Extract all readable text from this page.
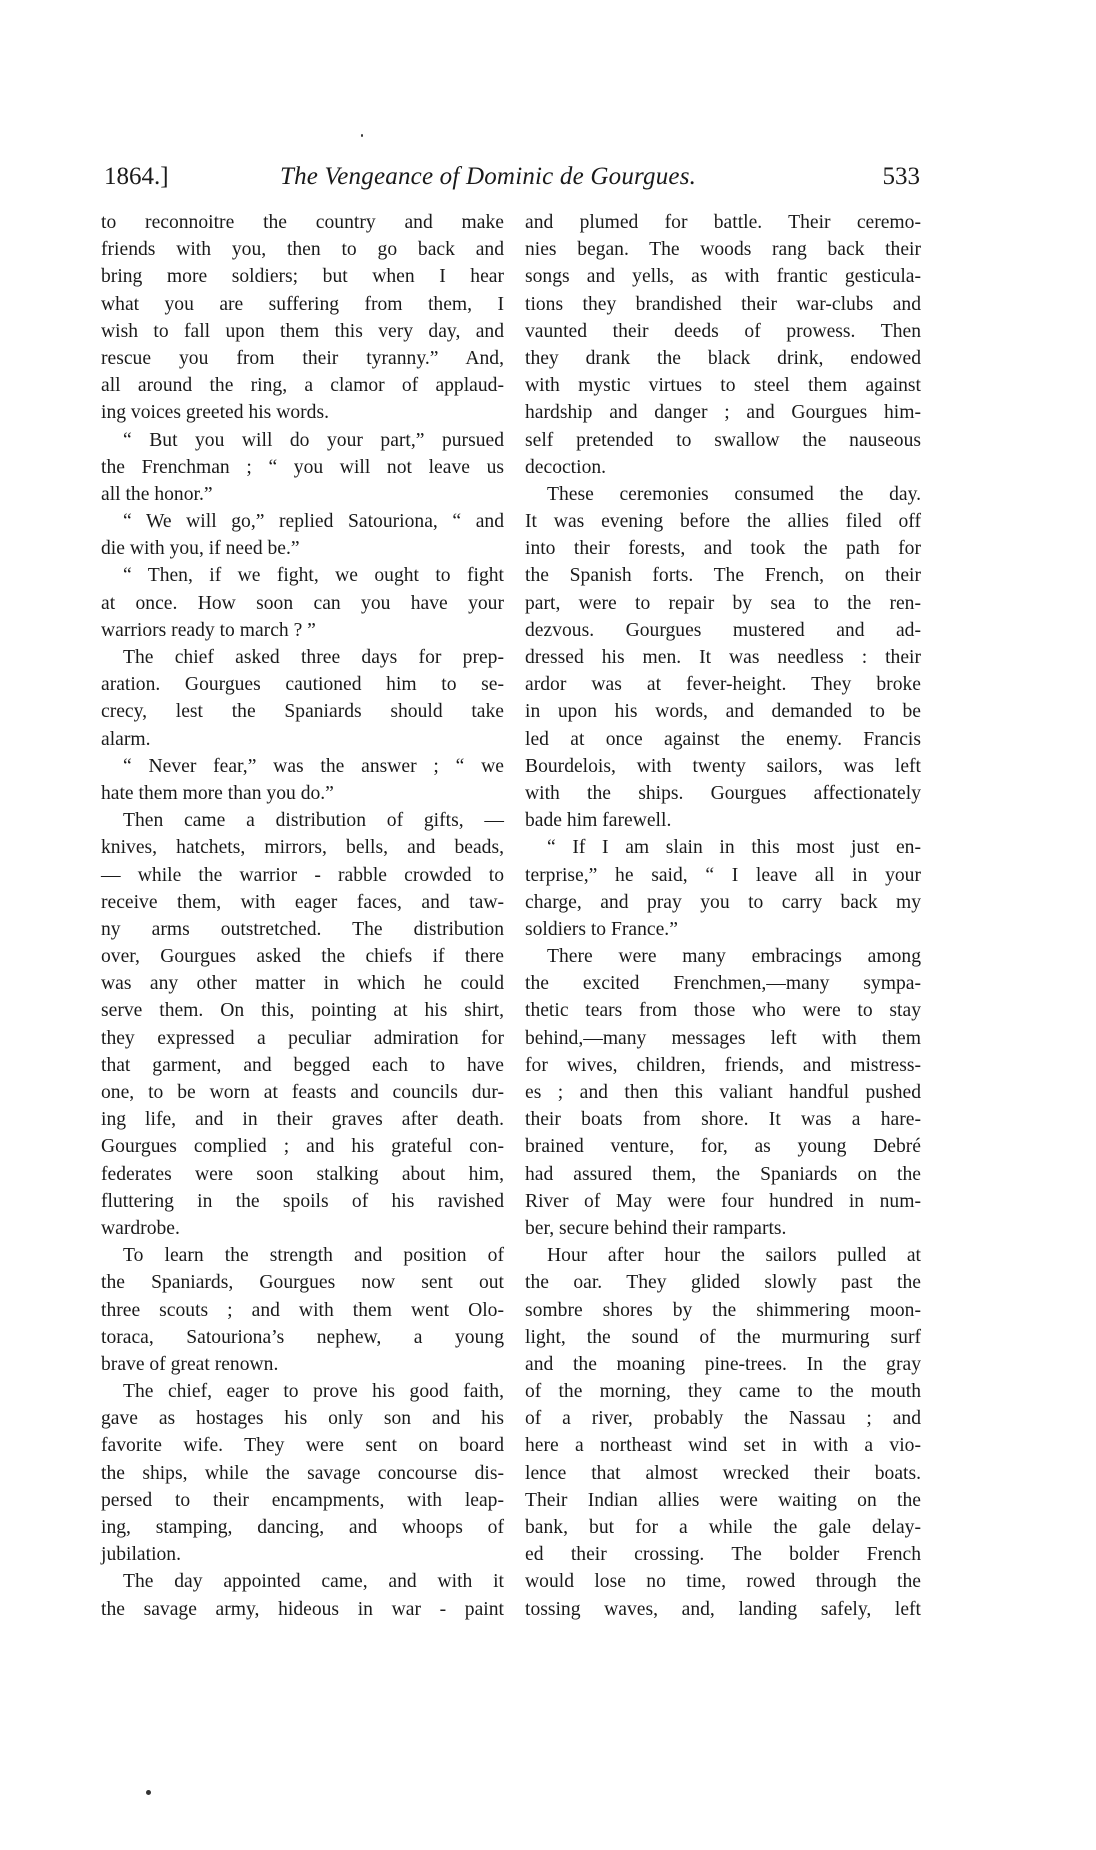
1864.]	The Vengeance of Dominic de Gourgues.	533
to reconnoitre the country and make
friends with you, then to go back and
bring more soldiers; but when I hear
what you are suffering from them, I
wish to fall upon them this very day, and
rescue you from their tyranny.” And,
all around the ring, a clamor of applaud-
ing voices greeted his words.
“ But you will do your part,” pursued
the Frenchman ; “ you will not leave us
all the honor.”
“ We will go,” replied Satouriona, “ and
die with you, if need be.”
“ Then, if we fight, we ought to fight
at once. How soon can you have your
warriors ready to march ? ”
The chief asked three days for prep-
aration. Gourgues cautioned him to se-
crecy, lest the Spaniards should take
alarm.
“ Never fear,” was the answer ; “ we
hate them more than you do.”
Then came a distribution of gifts, —
knives, hatchets, mirrors, bells, and beads,
— while the warrior - rabble crowded to
receive them, with eager faces, and taw-
ny arms outstretched. The distribution
over, Gourgues asked the chiefs if there
was any other matter in which he could
serve them. On this, pointing at his shirt,
they expressed a peculiar admiration for
that garment, and begged each to have
one, to be worn at feasts and councils dur-
ing life, and in their graves after death.
Gourgues complied ; and his grateful con-
federates were soon stalking about him,
fluttering in the spoils of his ravished
wardrobe.
To learn the strength and position of
the Spaniards, Gourgues now sent out
three scouts ; and with them went Olo-
toraca, Satouriona’s nephew, a young
brave of great renown.
The chief, eager to prove his good faith,
gave as hostages his only son and his
favorite wife. They were sent on board
the ships, while the savage concourse dis-
persed to their encampments, with leap-
ing, stamping, dancing, and whoops of
jubilation.
The day appointed came, and with it
the savage army, hideous in war - paint
and plumed for battle. Their ceremo-
nies began. The woods rang back their
songs and yells, as with frantic gesticula-
tions they brandished their war-clubs and
vaunted their deeds of prowess. Then
they drank the black drink, endowed
with mystic virtues to steel them against
hardship and danger ; and Gourgues him-
self pretended to swallow the nauseous
decoction.
These ceremonies consumed the day.
It was evening before the allies filed off
into their forests, and took the path for
the Spanish forts. The French, on their
part, were to repair by sea to the ren-
dezvous. Gourgues mustered and ad-
dressed his men. It was needless : their
ardor was at fever-height. They broke
in upon his words, and demanded to be
led at once against the enemy. Francis
Bourdelois, with twenty sailors, was left
with the ships. Gourgues affectionately
bade him farewell.
“ If I am slain in this most just en-
terprise,” he said, “ I leave all in your
charge, and pray you to carry back my
soldiers to France.”
There were many embracings among
the excited Frenchmen,—many sympa-
thetic tears from those who were to stay
behind,—many messages left with them
for wives, children, friends, and mistress-
es ; and then this valiant handful pushed
their boats from shore. It was a hare-
brained venture, for, as young Debré
had assured them, the Spaniards on the
River of May were four hundred in num-
ber, secure behind their ramparts.
Hour after hour the sailors pulled at
the oar. They glided slowly past the
sombre shores by the shimmering moon-
light, the sound of the murmuring surf
and the moaning pine-trees. In the gray
of the morning, they came to the mouth
of a river, probably the Nassau ; and
here a northeast wind set in with a vio-
lence that almost wrecked their boats.
Their Indian allies were waiting on the
bank, but for a while the gale delay-
ed their crossing. The bolder French
would lose no time, rowed through the
tossing waves, and, landing safely, left
